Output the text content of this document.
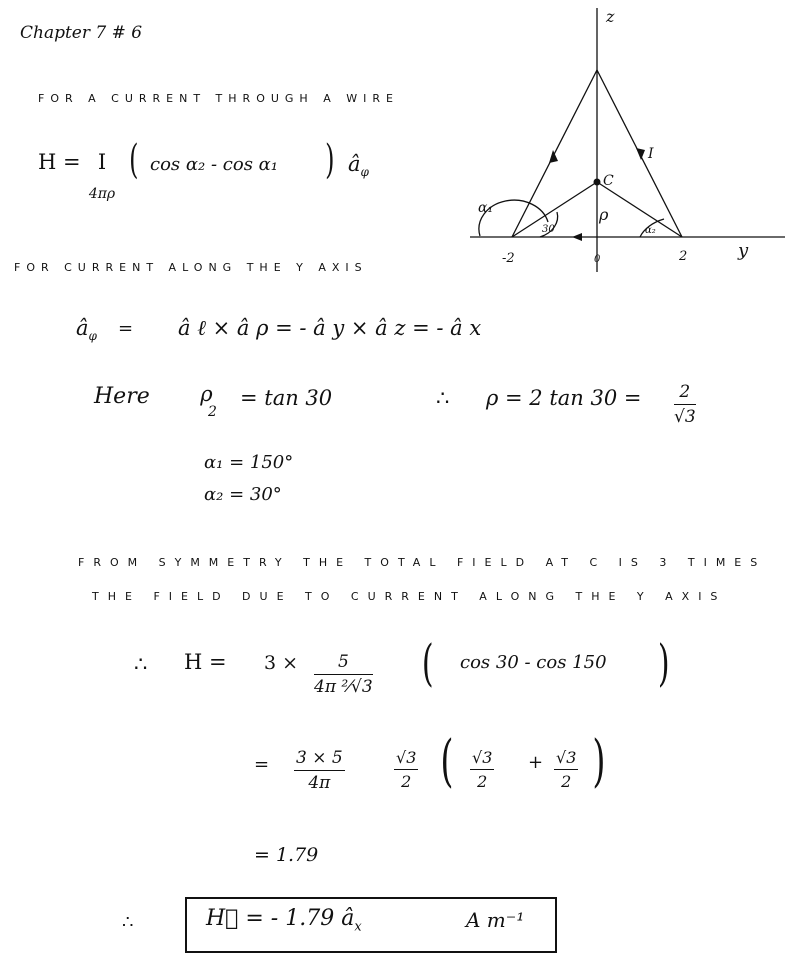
z
y
C
ρ
I
α₁
α₂
30
-2	0	2
Chapter 7 # 6
FOR A CURRENT THROUGH A WIRE
H = I
4πρ
( cos α₂ - cos α₁ ) $â_\varphi$
FOR CURRENT ALONG THE Y AXIS
$â_\varphi$ = â ℓ × â ρ = - â y × â z = - â x
Here ρ
2
= tan 30	∴ ρ = 2 $\tan 30 = \frac{2}{√3}$
α₁ = 150°
α₂ = 30°
FROM SYMMETRY THE TOTAL FIELD AT C IS 3 TIMES
THE FIELD DUE TO CURRENT ALONG THE Y AXIS
∴ $H = 3 \times \frac{5}{\text{4π ²⁄√3}}$ ( cos 30 - cos 150 )
= $\frac{3 \times 5}{4\pi}$	$\frac{√3}{2}$ ( $\frac{√3}{2} + \frac{√3}{2}$ )
= 1.79
∴	H⃗ = - 1.79 $â_x$	A m⁻¹
